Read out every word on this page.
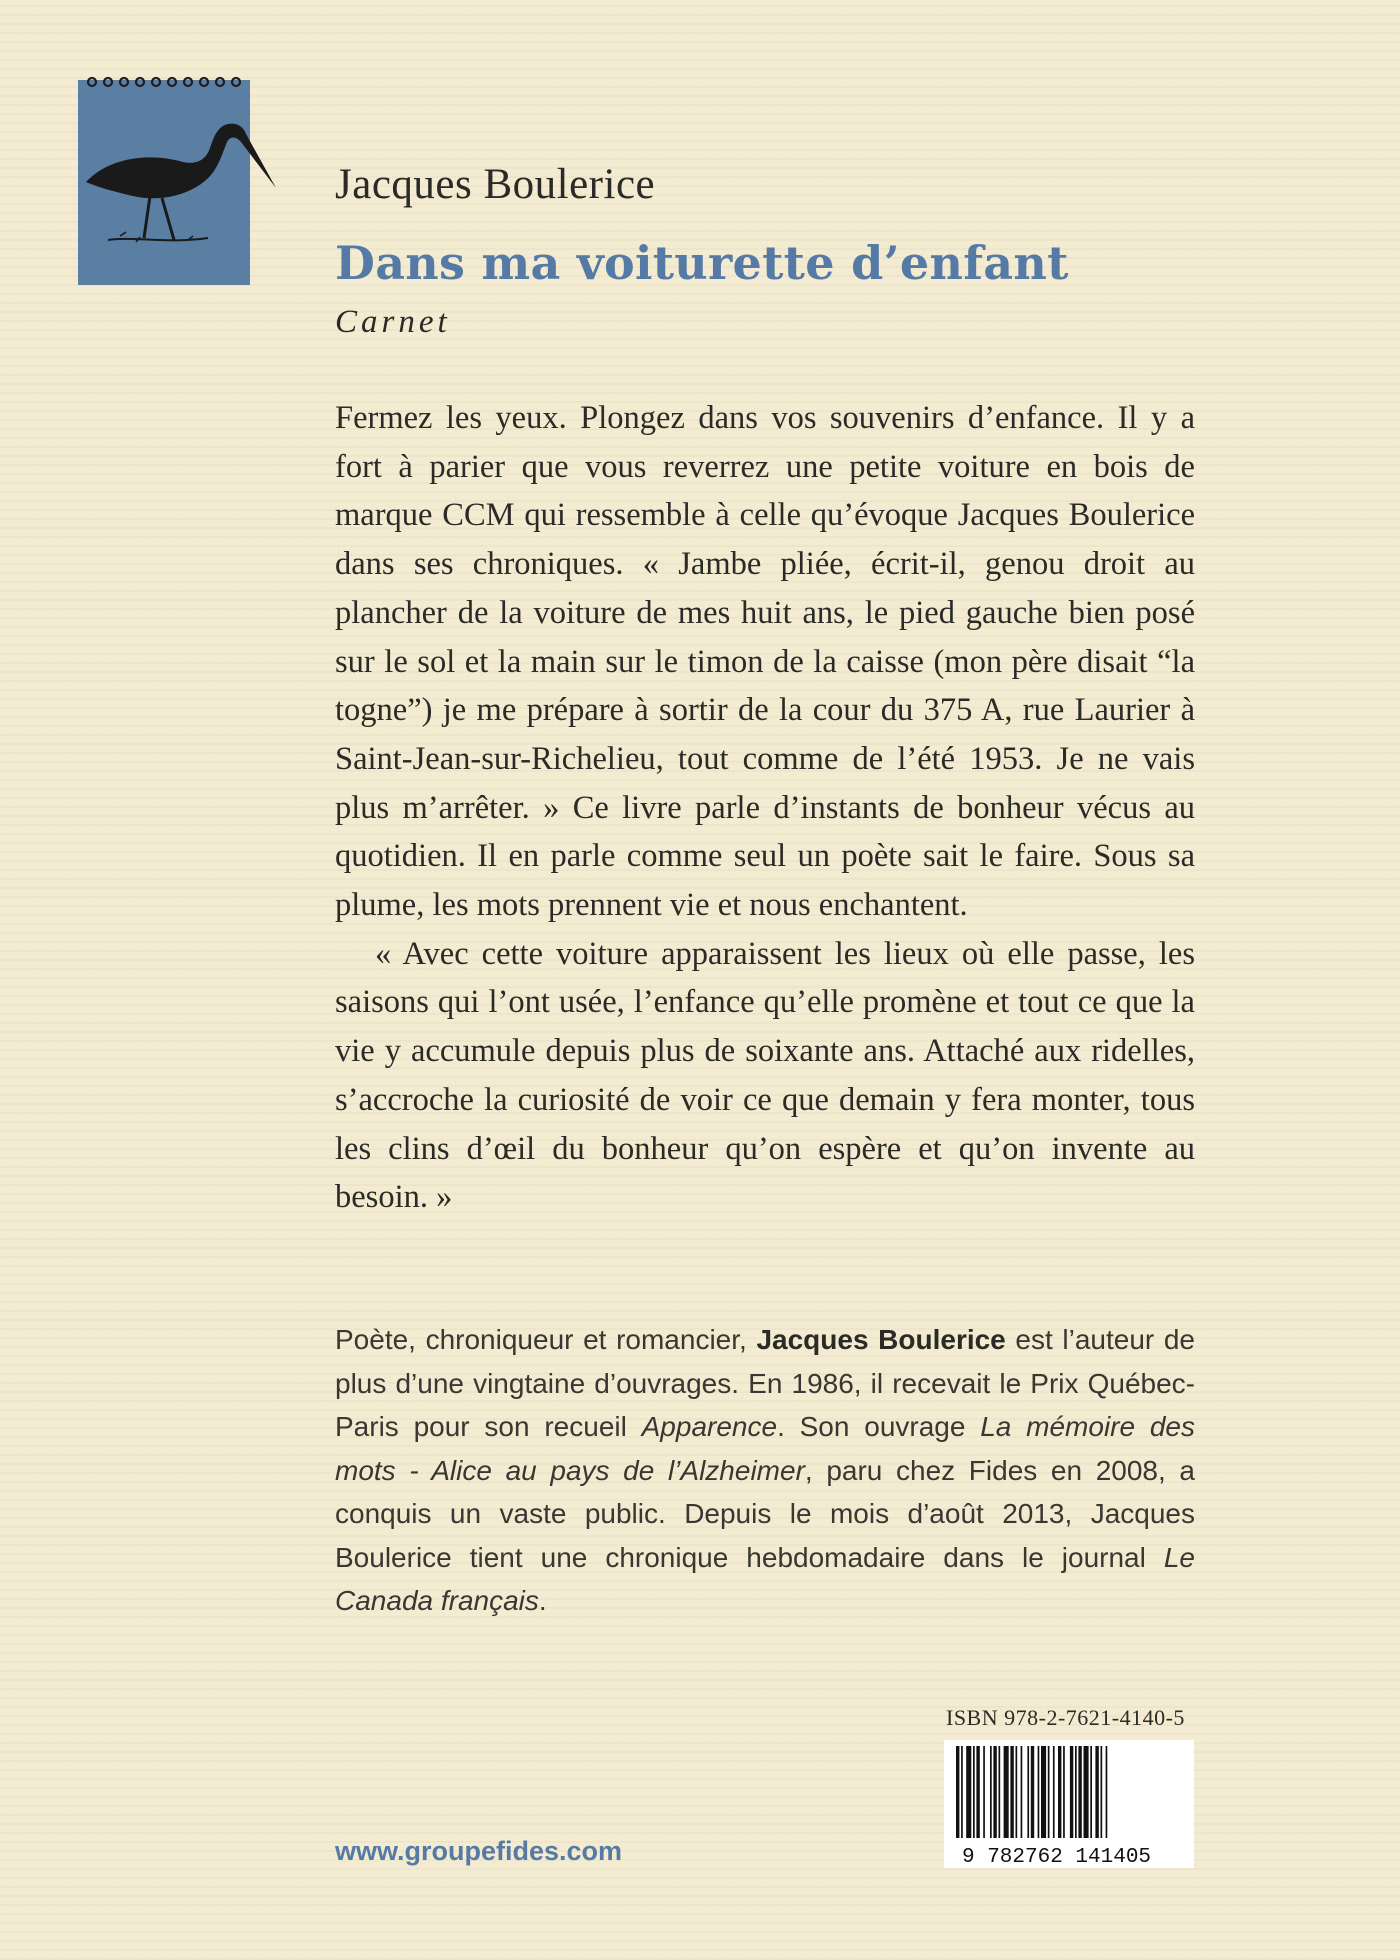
Jacques Boulerice
Dans ma voiturette d’enfant
Carnet

Fermez les yeux. Plongez dans vos souvenirs d’enfance. Il y a fort à parier que vous reverrez une petite voiture en bois de marque CCM qui ressemble à celle qu’évoque Jacques Boulerice dans ses chroniques. « Jambe pliée, écrit-il, genou droit au plancher de la voiture de mes huit ans, le pied gauche bien posé sur le sol et la main sur le timon de la caisse (mon père disait “la togne”) je me prépare à sortir de la cour du 375 A, rue Laurier à Saint-Jean-sur-Richelieu, tout comme de l’été 1953. Je ne vais plus m’arrêter. » Ce livre parle d’instants de bonheur vécus au quotidien. Il en parle comme seul un poète sait le faire. Sous sa plume, les mots prennent vie et nous enchantent.

« Avec cette voiture apparaissent les lieux où elle passe, les saisons qui l’ont usée, l’enfance qu’elle promène et tout ce que la vie y accumule depuis plus de soixante ans. Attaché aux ridelles, s’accroche la curiosité de voir ce que demain y fera monter, tous les clins d’œil du bonheur qu’on espère et qu’on invente au besoin. »

Poète, chroniqueur et romancier, Jacques Boulerice est l’auteur de plus d’une vingtaine d’ouvrages. En 1986, il recevait le Prix Québec-Paris pour son recueil Apparence. Son ouvrage La mémoire des mots - Alice au pays de l’Alzheimer, paru chez Fides en 2008, a conquis un vaste public. Depuis le mois d’août 2013, Jacques Boulerice tient une chronique hebdomadaire dans le journal Le Canada français.
ISBN 978-2-7621-4140-5
9 782762 141405
www.groupefides.com
